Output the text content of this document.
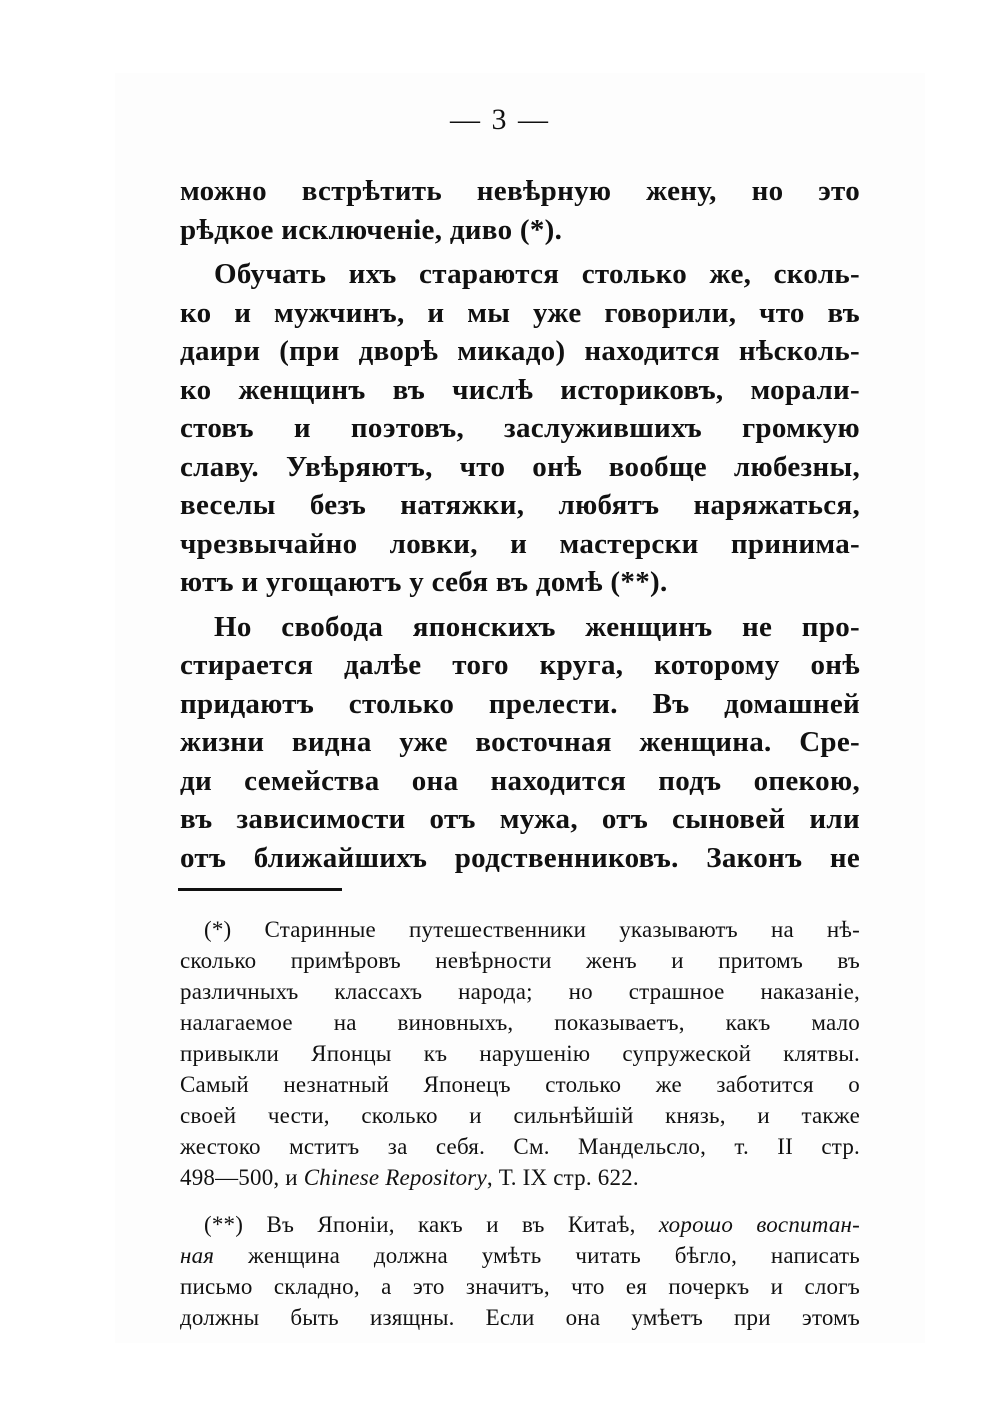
— 3 —
можно встрѣтить невѣрную жену, но это
рѣдкое исключеніе, диво (*).
Обучать ихъ стараются столько же, сколь-
ко и мужчинъ, и мы уже говорили, что въ
даири (при дворѣ микадо) находится нѣсколь-
ко женщинъ въ числѣ историковъ, морали-
стовъ и поэтовъ, заслужившихъ громкую
славу. Увѣряютъ, что онѣ вообще любезны,
веселы безъ натяжки, любятъ наряжаться,
чрезвычайно ловки, и мастерски принима-
ютъ и угощаютъ у себя въ домѣ (**).
Но свобода японскихъ женщинъ не про-
стирается далѣе того круга, которому онѣ
придаютъ столько прелести. Въ домашней
жизни видна уже восточная женщина. Сре-
ди семейства она находится подъ опекою,
въ зависимости отъ мужа, отъ сыновей или
отъ ближайшихъ родственниковъ. Законъ не
(*) Старинные путешественники указываютъ на нѣ-
сколько примѣровъ невѣрности женъ и притомъ въ
различныхъ классахъ народа; но страшное наказаніе,
налагаемое на виновныхъ, показываетъ, какъ мало
привыкли Японцы къ нарушенію супружеской клятвы.
Самый незнатный Японецъ столько же заботится о
своей чести, сколько и сильнѣйшій князь, и также
жестоко мститъ за себя. См. Мандельсло, т. II стр.
498—500, и Chinese Repository, Т. IX стр. 622.
(**) Въ Японіи, какъ и въ Китаѣ, хорошо воспитан-
ная женщина должна умѣть читать бѣгло, написать
письмо складно, а это значитъ, что ея почеркъ и слогъ
должны быть изящны. Если она умѣетъ при этомъ
